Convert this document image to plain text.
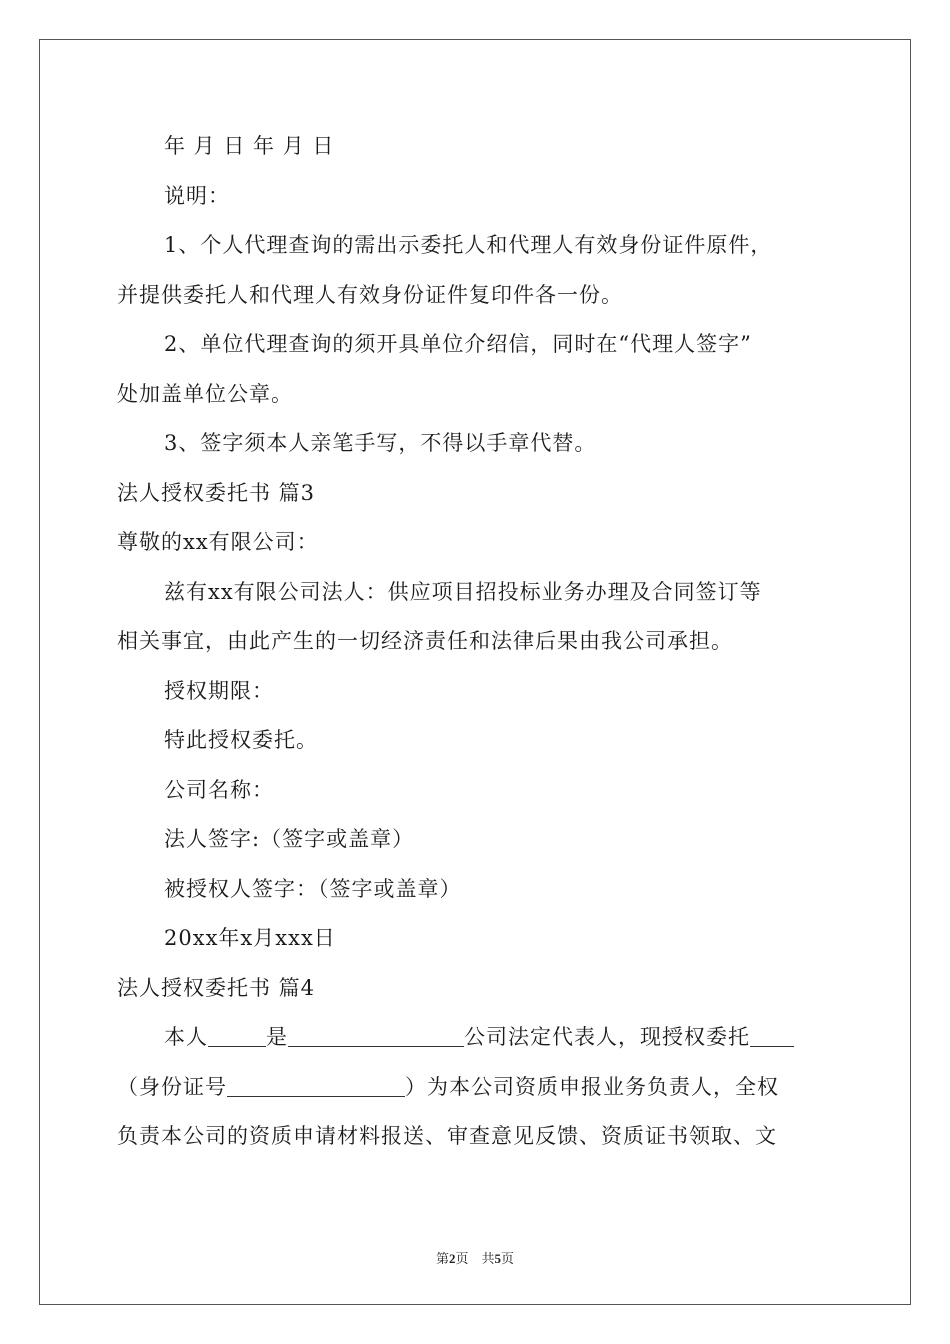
年 月 日 年 月 日
说明：
1、个人代理查询的需出示委托人和代理人有效身份证件原件，
并提供委托人和代理人有效身份证件复印件各一份。
2、单位代理查询的须开具单位介绍信，同时在“代理人签字”
处加盖单位公章。
3、签字须本人亲笔手写，不得以手章代替。
法人授权委托书 篇3
尊敬的xx有限公司：
兹有xx有限公司法人：供应项目招投标业务办理及合同签订等
相关事宜，由此产生的一切经济责任和法律后果由我公司承担。
授权期限：
特此授权委托。
公司名称：
法人签字:（签字或盖章）
被授权人签字：（签字或盖章）
20xx年x月xxx日
法人授权委托书 篇4
本人	是	公司法定代表人，现授权委托
（身份证号	）为本公司资质申报业务负责人，全权
负责本公司的资质申请材料报送、审查意见反馈、资质证书领取、文
第2页　共5页
